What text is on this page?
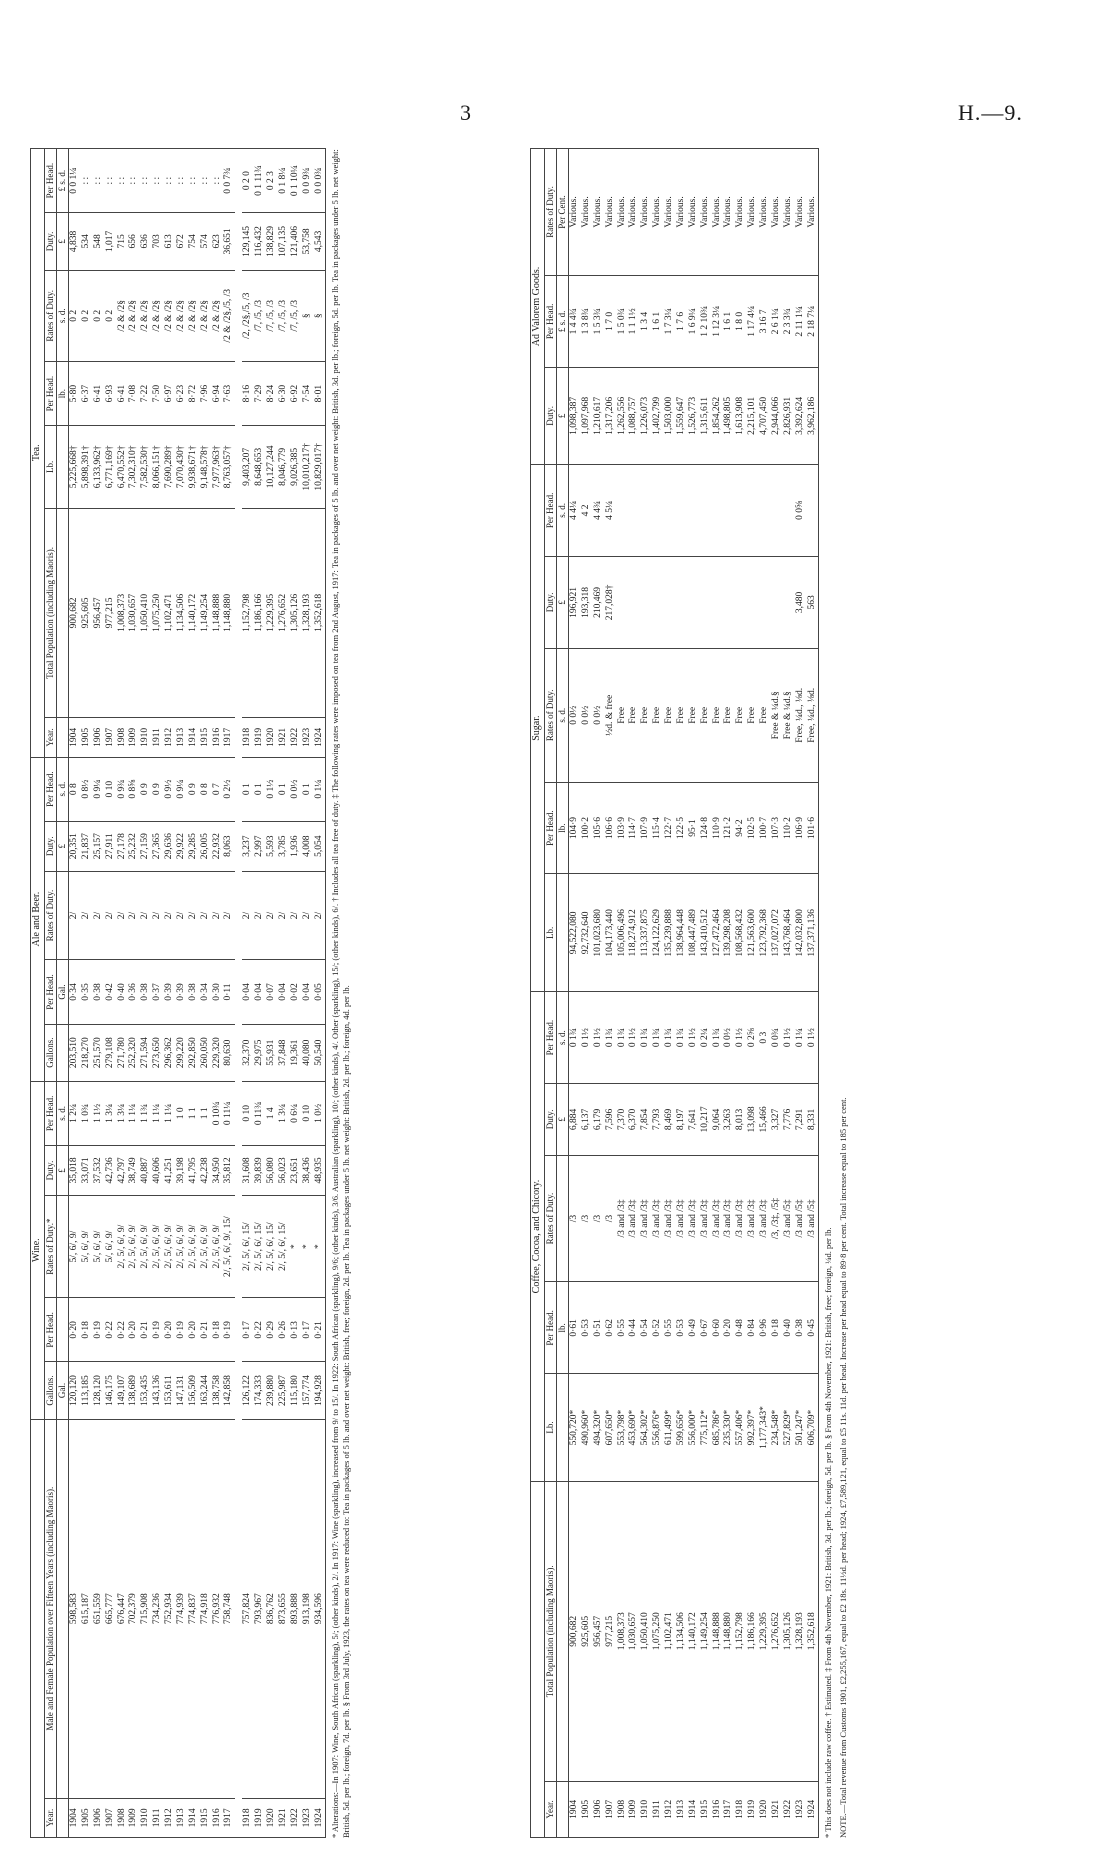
3	H.—9.
		Wine.					Ale and Beer.					Tea.						
Year.	Male and Female Population over Fifteen Years (including Maoris).	Gallons.	Per Head.	Rates of Duty.*	Duty.	Per Head.	Gallons.	Per Head.	Rates of Duty.	Duty.	Per Head.	Year.	Total Population (including Maoris).	Lb.	Per Head.	Rates of Duty.	Duty.	Per Head.
		Gal.			£	s. d.		Gal.		£	s. d.				lb.	s. d.	£	£ s. d.
1904	598,583	120,120	0·20	5/, 6/, 9/	35,018	1 2¼	203,510	0·34	2/	20,351	0 8	1904	900,682	5,225,668†	5·80	0 2	4,838	0 0 1¼
1905	615,187	113,185	0·18	5/, 6/, 9/	33,071	1 0¾	218,270	0·35	2/	21,837	0 8½	1905	925,605	5,898,391†	6·37	0 2	534	: :
1906	651,559	128,120	0·19	5/, 6/, 9/	37,532	1 1½	251,570	0·38	2/	25,157	0 9¼	1906	956,457	6,133,962†	6·41	0 2	548	: :
1907	665,777	146,175	0·22	5/, 6/, 9/	42,736	1 3¼	279,108	0·42	2/	27,911	0 10	1907	977,215	6,771,169†	6·93	0 2	1,017	: :
1908	676,447	149,107	0·22	2/, 5/, 6/, 9/	42,797	1 3¼	271,780	0·40	2/	27,178	0 9¾	1908	1,008,373	6,470,552†	6·41	/2 & /2§	715	: :
1909	702,379	138,689	0·20	2/, 5/, 6/, 9/	38,749	1 1¼	252,320	0·36	2/	25,232	0 8⅝	1909	1,030,657	7,302,310†	7·08	/2 & /2§	656	: :
1910	715,908	153,435	0·21	2/, 5/, 6/, 9/	40,887	1 1¾	271,594	0·38	2/	27,159	0 9	1910	1,050,410	7,582,530†	7·22	/2 & /2§	636	: :
1911	734,236	143,136	0·19	2/, 5/, 6/, 9/	40,606	1 1¼	273,650	0·37	2/	27,365	0 9	1911	1,075,250	8,066,151†	7·50	/2 & /2§	703	: :
1912	752,934	153,611	0·20	2/, 5/, 6/, 9/	41,251	1 1¼	296,362	0·39	2/	29,636	0 9½	1912	1,102,471	7,690,289†	6·97	/2 & /2§	613	: :
1913	774,939	147,131	0·19	2/, 5/, 6/, 9/	39,198	1 0	299,220	0·39	2/	29,922	0 9¼	1913	1,134,506	7,070,430†	6·23	/2 & /2§	672	: :
1914	774,837	156,509	0·20	2/, 5/, 6/, 9/	41,795	1 1	292,850	0·38	2/	29,285	0 9	1914	1,140,172	9,938,671†	8·72	/2 & /2§	754	: :
1915	774,918	163,244	0·21	2/, 5/, 6/, 9/	42,238	1 1	260,050	0·34	2/	26,005	0 8	1915	1,149,254	9,148,578†	7·96	/2 & /2§	574	: :
1916	776,932	138,758	0·18	2/, 5/, 6/, 9/	34,950	0 10¾	229,320	0·30	2/	22,932	0 7	1916	1,148,888	7,977,963†	6·94	/2 & /2§	623	: :
1917	758,748	142,858	0·19	2/, 5/, 6/, 9/, 15/	35,812	0 11¼	80,630	0·11	2/	8,063	0 2½	1917	1,148,880	8,763,057†	7·63	/2 & /2§,/5, /3	36,651	0 0 7¾

1918	757,824	126,122	0·17	2/, 5/, 6/, 15/	31,608	0 10	32,370	0·04	2/	3,237	0 1	1918	1,152,798	9,403,207	8·16	/2, /2§,/5, /3	129,145	0 2 0
1919	793,967	174,333	0·22	2/, 5/, 6/, 15/	39,839	0 11¾	29,975	0·04	2/	2,997	0 1	1919	1,186,166	8,648,653	7·29	/7, /5, /3	116,432	0 1 11¾
1920	836,762	239,880	0·29	2/, 5/, 6/, 15/	56,080	1 4	55,931	0·07	2/	5,593	0 1½	1920	1,229,395	10,127,244	8·24	/7, /5, /3	138,829	0 2 3
1921	873,655	225,987	0·26	2/, 5/, 6/, 15/	56,023	1 3¼	37,848	0·04	2/	3,785	0 1	1921	1,276,652	8,046,779	6·30	/7, /5, /3	107,135	0 1 8¼
1922	893,888	115,180	0·13	*	23,651	0 6¼	19,361	0·02	2/	1,936	0 0½	1922	1,305,126	9,026,385	6·92	/7, /5, /3	121,406	0 1 10¼
1923	913,198	157,774	0·17	*	38,436	0 10	40,080	0·04	2/	4,008	0 1	1923	1,328,193	10,010,217†	7·54	§	53,758	0 0 9¾
1924	934,596	194,928	0·21	*	48,935	1 0½	50,540	0·05	2/	5,054	0 1¼	1924	1,352,618	10,829,017†	8·01	§	4,543	0 0 0¾ * Alterations:—In 1907: Wine, South African (sparkling), 5/; (other kinds), 2/. In 1917: Wine (sparkling), increased from 9/ to 15/. In 1922: South African (sparkling), 9/6; (other kinds), 3/6. Australian (sparkling), 10/; (other kinds), 4/. Other (sparkling), 15/; (other kinds), 6/. † Includes all tea free of duty. ‡ The following rates were imposed on tea from 2nd August, 1917: Tea in packages of 5 lb. and over net weight: British, 3d. per lb.; foreign, 5d. per lb. Tea in packages under 5 lb. net weight: British, 5d. per lb.; foreign, 7d. per lb. § From 3rd July, 1923, the rates on tea were reduced to: Tea in packages of 5 lb. and over net weight: British, free; foreign, 2d. per lb. Tea in packages under 5 lb. net weight: British, 2d. per lb.; foreign, 4d. per lb.
		Coffee, Cocoa, and Chicory.					Sugar.					Ad Valorem Goods.		
Year.	Total Population (including Maoris).	Lb.	Per Head.	Rates of Duty.	Duty.	Per Head.	Lb.	Per Head.	Rates of Duty.	Duty.	Per Head.	Duty.	Per Head.	Rates of Duty.
			lb.		£	s. d.		lb.	s. d.	£	s. d.	£	£ s. d.	Per Cent.
1904	900,682	550,720*	0·61	/3	6,884	0 1¾	94,522,080	104·9	0 0½	196,921	4 4¼	1,098,387	1 4 4¾	Various.
1905	925,605	490,960*	0·53	/3	6,137	0 1½	92,732,640	100·2	0 0½	193,318	4 2	1,097,968	1 3 8¾	Various.
1906	956,457	494,320*	0·51	/3	6,179	0 1½	101,023,680	105·6	0 0½	210,469	4 4¾	1,210,617	1 5 3¾	Various.
1907	977,215	607,650*	0·62	/3	7,596	0 1¾	104,173,440	106·6	½d. & free	217,028†	4 5¼	1,317,206	1 7 0	Various.
1908	1,008,373	553,798*	0·55	/3 and /3‡	7,370	0 1¾	105,006,496	103·9	Free			1,262,556	1 5 0¾	Various.
1909	1,030,657	453,690*	0·44	/3 and /3‡	6,370	0 1½	118,274,912	114·7	Free			1,088,757	1 1 1½	Various.
1910	1,050,410	564,302*	0·54	/3 and /3‡	7,854	0 1¾	113,337,875	107·9	Free			1,226,073	1 3 4	Various.
1911	1,075,250	556,876*	0·52	/3 and /3‡	7,793	0 1¾	124,122,629	115·4	Free			1,402,799	1 6 1	Various.
1912	1,102,471	611,499*	0·55	/3 and /3‡	8,469	0 1¾	135,239,888	122·7	Free			1,503,000	1 7 3¼	Various.
1913	1,134,506	599,656*	0·53	/3 and /3‡	8,197	0 1¾	138,964,448	122·5	Free			1,559,647	1 7 6	Various.
1914	1,140,172	556,000*	0·49	/3 and /3‡	7,641	0 1½	108,447,489	95·1	Free			1,526,773	1 6 9¼	Various.
1915	1,149,254	775,112*	0·67	/3 and /3‡	10,217	0 2¼	143,410,512	124·8	Free			1,315,611	1 2 10¾	Various.
1916	1,148,888	685,786*	0·60	/3 and /3‡	9,064	0 1¾	127,472,464	110·9	Free			1,854,262	1 12 3¼	Various.
1917	1,148,880	235,330*	0·20	/3 and /3‡	3,263	0 0½	139,298,208	121·2	Free			1,498,805	1 6 1	Various.
1918	1,152,798	557,406*	0·48	/3 and /3‡	8,013	0 1½	108,568,432	94·2	Free			1,613,908	1 8 0	Various.
1919	1,186,166	992,397*	0·84	/3 and /3‡	13,098	0 2⅝	121,563,600	102·5	Free			2,215,101	1 17 4¼	Various.
1920	1,229,395	1,177,343*	0·96	/3 and /3‡	15,466	0 3	123,792,368	100·7	Free			4,707,450	3 16 7	Various.
1921	1,276,652	234,548*	0·18	/3, /3‡, /5‡	3,327	0 0¾	137,027,072	107·3	Free & ¼d.§			2,944,066	2 6 1¼	Various.
1922	1,305,126	527,829*	0·40	/3 and /5‡	7,776	0 1½	143,768,464	110·2	Free & ¼d.§			2,826,931	2 3 3¾	Various.
1923	1,328,193	501,247*	0·38	/3 and /5‡	7,291	0 1¼	142,032,800	106·9	Free, ¼d., ⅛d.	3,480	0 0⅝	3,392,624	2 11 1¼	Various.
1924	1,352,618	606,709*	0·45	/3 and /5‡	8,331	0 1½	137,371,136	101·6	Free, ¼d., ⅛d.	563		3,962,186	2 18 7¼	Various.
* This does not include raw coffee. † Estimated. ‡ From 4th November, 1921: British, 3d. per lb.; foreign, 5d. per lb. § From 4th November, 1921: British, free; foreign, ¼d. per lb. NOTE.—Total revenue from Customs 1901, £2,255,167, equal to £2 18s. 11½d. per head; 1924, £7,589,121, equal to £5 11s. 11d. per head. Increase per head equal to 89·8 per cent. Total increase equal to 185 per cent.
